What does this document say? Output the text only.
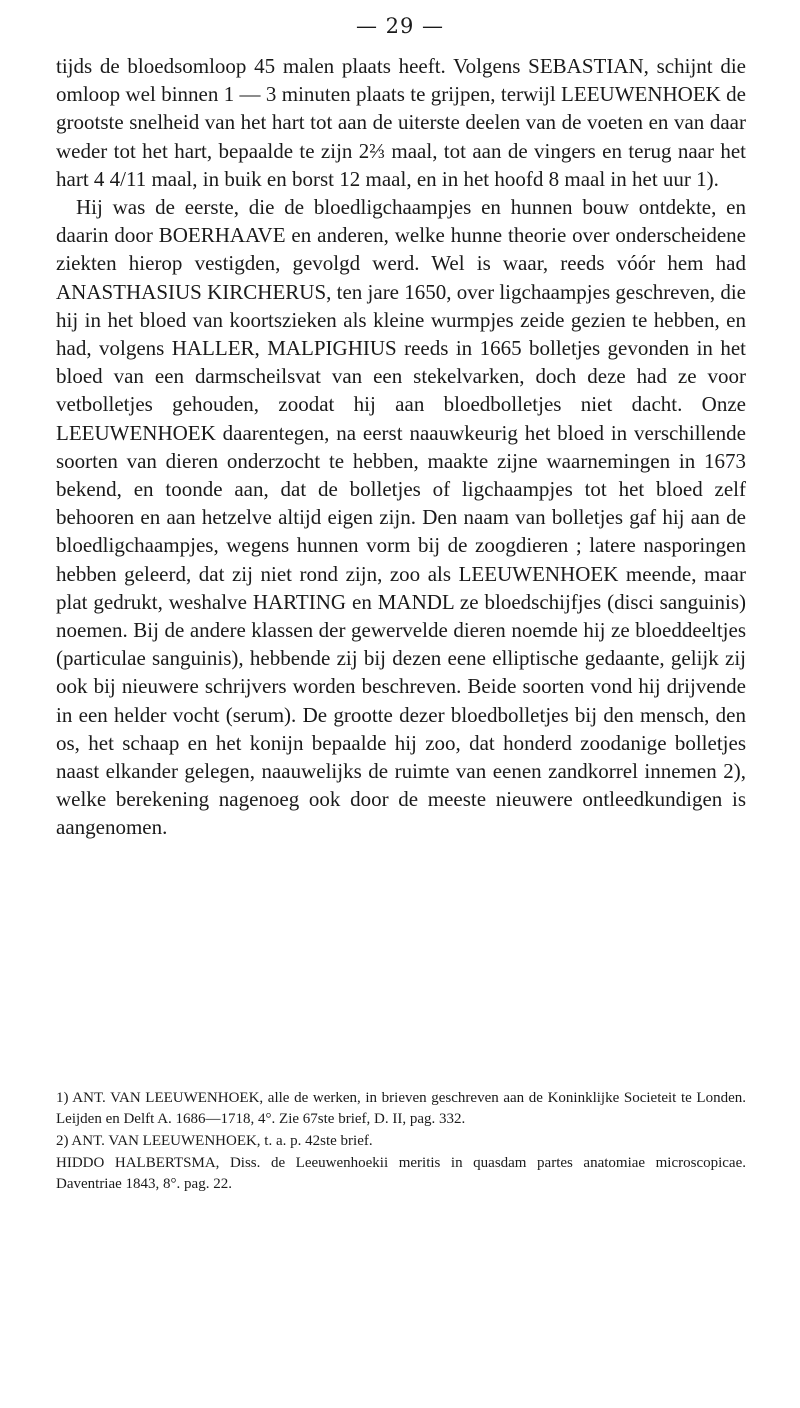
— 29 —

tijds de bloedsomloop 45 malen plaats heeft. Volgens SEBASTIAN, schijnt die omloop wel binnen 1 — 3 minuten plaats te grijpen, terwijl LEEUWENHOEK de grootste snelheid van het hart tot aan de uiterste deelen van de voeten en van daar weder tot het hart, bepaalde te zijn 2⅔ maal, tot aan de vingers en terug naar het hart 4 4/11 maal, in buik en borst 12 maal, en in het hoofd 8 maal in het uur 1).

Hij was de eerste, die de bloedligchaampjes en hunnen bouw ontdekte, en daarin door BOERHAAVE en anderen, welke hunne theorie over onderscheidene ziekten hierop vestigden, gevolgd werd. Wel is waar, reeds vóór hem had ANASTHASIUS KIRCHERUS, ten jare 1650, over ligchaampjes geschreven, die hij in het bloed van koortszieken als kleine wurmpjes zeide gezien te hebben, en had, volgens HALLER, MALPIGHIUS reeds in 1665 bolletjes gevonden in het bloed van een darmscheilsvat van een stekelvarken, doch deze had ze voor vetbolletjes gehouden, zoodat hij aan bloedbolletjes niet dacht. Onze LEEUWENHOEK daarentegen, na eerst naauwkeurig het bloed in verschillende soorten van dieren onderzocht te hebben, maakte zijne waarnemingen in 1673 bekend, en toonde aan, dat de bolletjes of ligchaampjes tot het bloed zelf behooren en aan hetzelve altijd eigen zijn. Den naam van bolletjes gaf hij aan de bloedligchaampjes, wegens hunnen vorm bij de zoogdieren ; latere nasporingen hebben geleerd, dat zij niet rond zijn, zoo als LEEUWENHOEK meende, maar plat gedrukt, weshalve HARTING en MANDL ze bloedschijfjes (disci sanguinis) noemen. Bij de andere klassen der gewervelde dieren noemde hij ze bloeddeeltjes (particulae sanguinis), hebbende zij bij dezen eene elliptische gedaante, gelijk zij ook bij nieuwere schrijvers worden beschreven. Beide soorten vond hij drijvende in een helder vocht (serum). De grootte dezer bloedbolletjes bij den mensch, den os, het schaap en het konijn bepaalde hij zoo, dat honderd zoodanige bolletjes naast elkander gelegen, naauwelijks de ruimte van eenen zandkorrel innemen 2), welke berekening nagenoeg ook door de meeste nieuwere ontleedkundigen is aangenomen.

1) ANT. VAN LEEUWENHOEK, alle de werken, in brieven geschreven aan de Koninklijke Societeit te Londen. Leijden en Delft A. 1686—1718, 4°. Zie 67ste brief, D. II, pag. 332.

2) ANT. VAN LEEUWENHOEK, t. a. p. 42ste brief.

HIDDO HALBERTSMA, Diss. de Leeuwenhoekii meritis in quasdam partes anatomiae microscopicae. Daventriae 1843, 8°. pag. 22.
